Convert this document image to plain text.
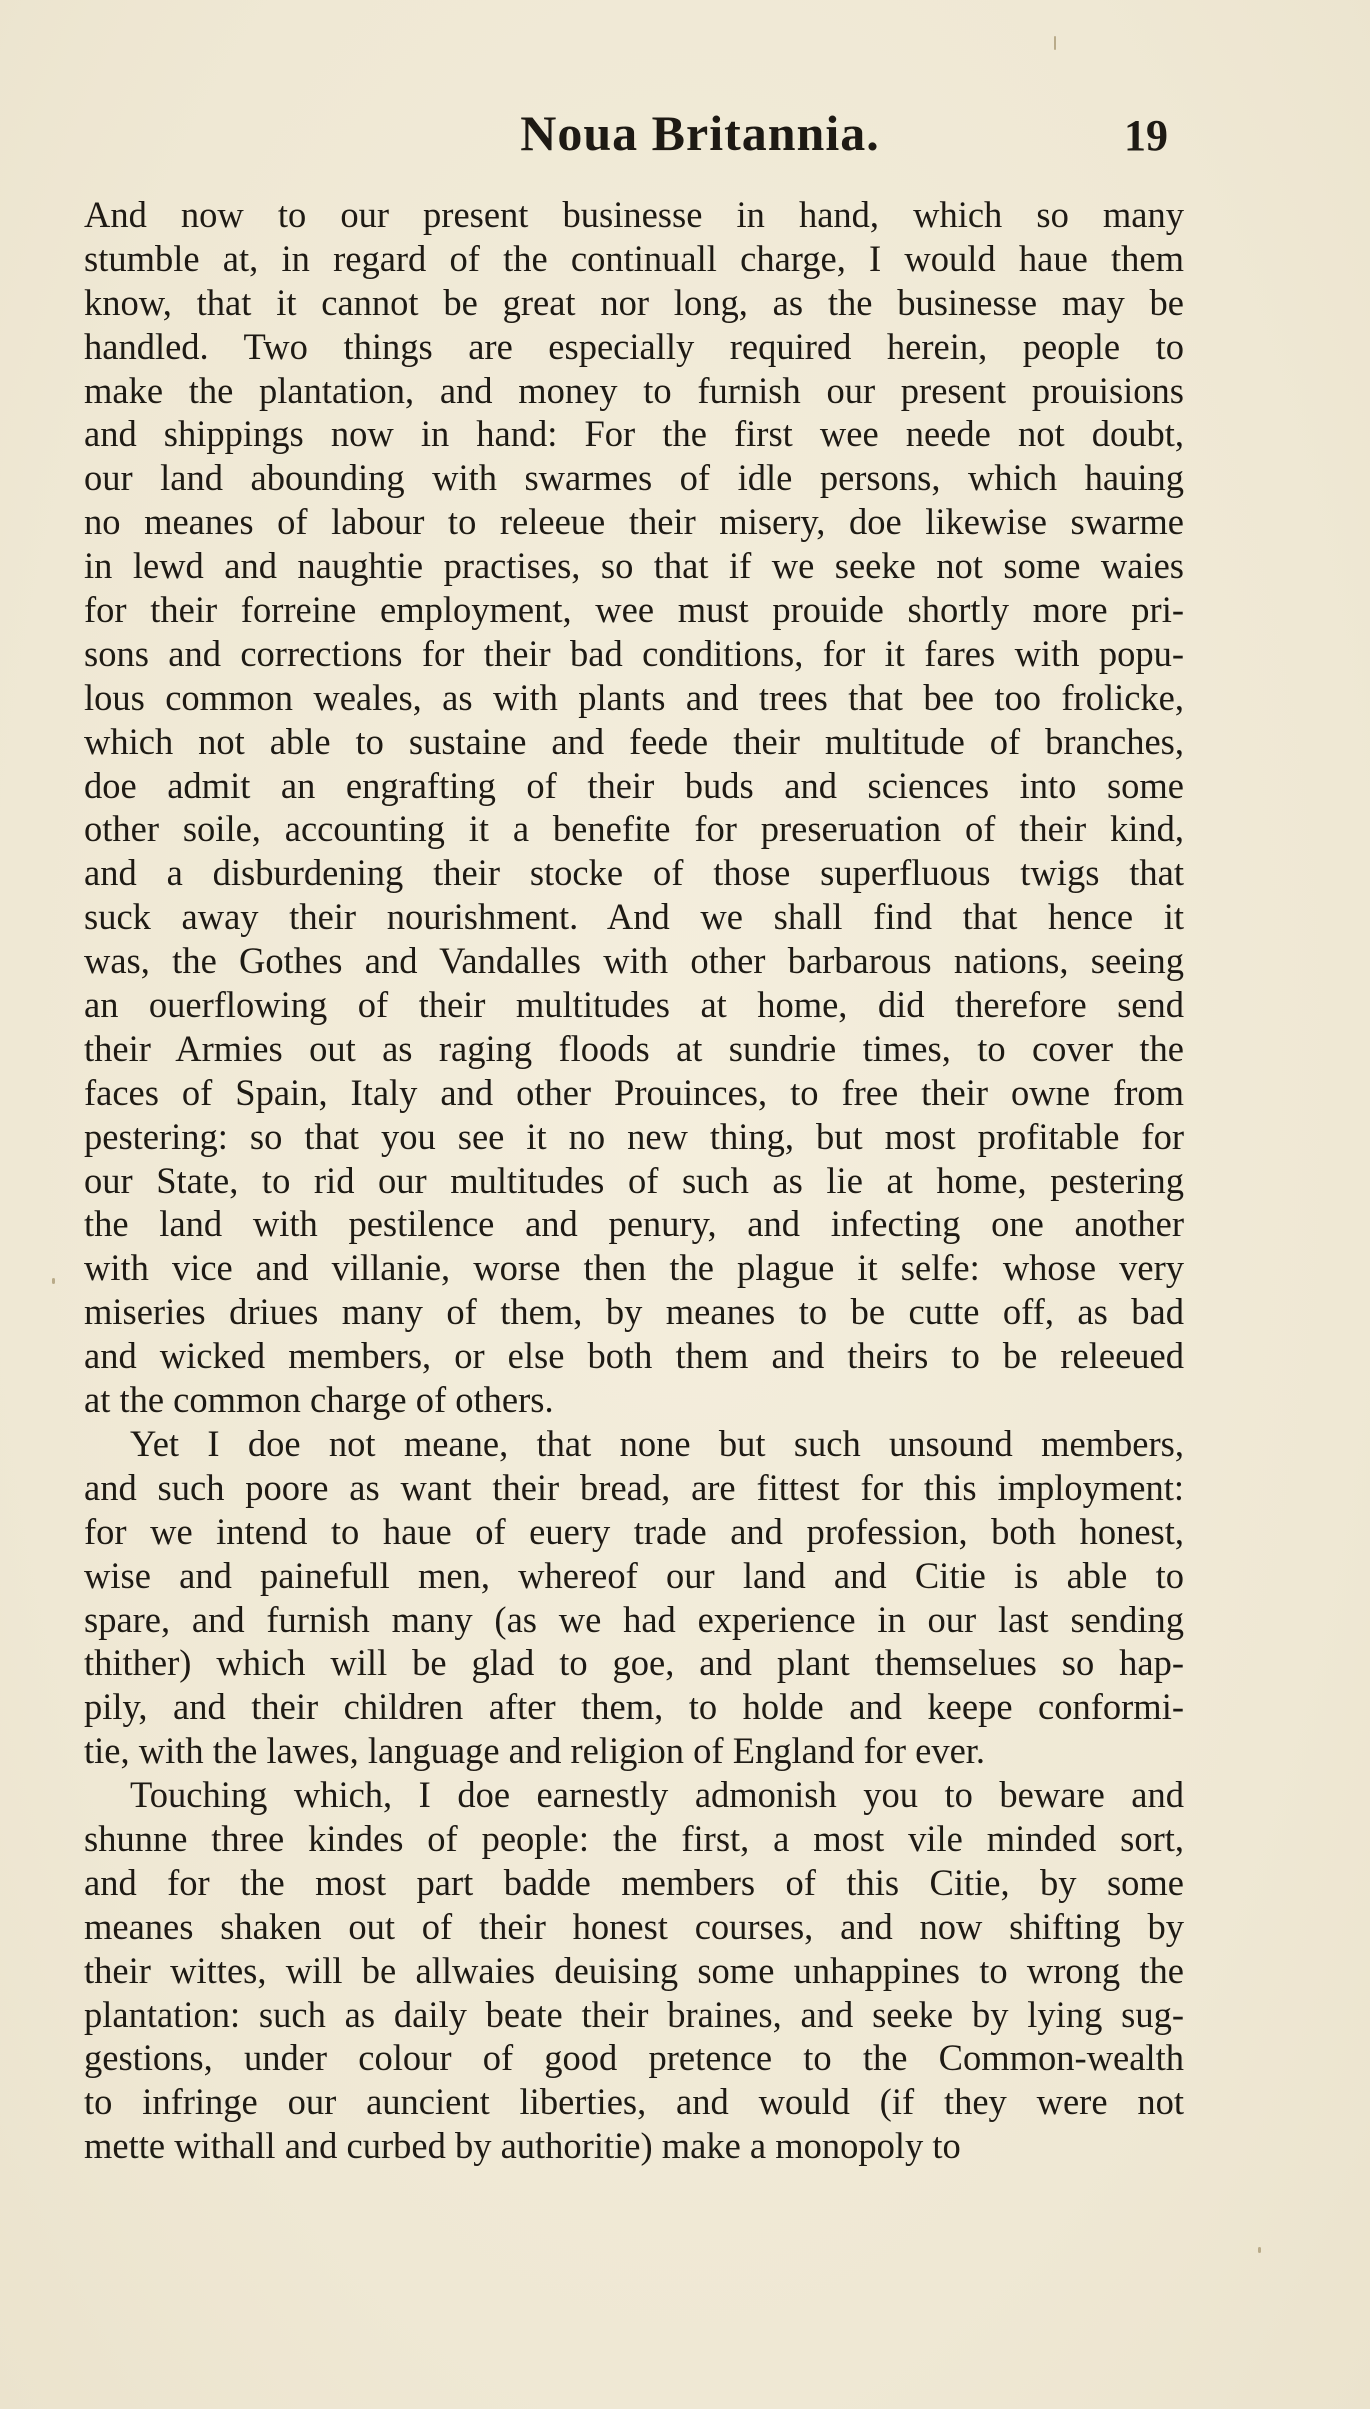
Noua Britannia.	19
And now to our present businesse in hand, which so many
stumble at, in regard of the continuall charge, I would haue them
know, that it cannot be great nor long, as the businesse may be
handled. Two things are especially required herein, people to
make the plantation, and money to furnish our present prouisions
and shippings now in hand: For the first wee neede not doubt,
our land abounding with swarmes of idle persons, which hauing
no meanes of labour to releeue their misery, doe likewise swarme
in lewd and naughtie practises, so that if we seeke not some waies
for their forreine employment, wee must prouide shortly more pri-
sons and corrections for their bad conditions, for it fares with popu-
lous common weales, as with plants and trees that bee too frolicke,
which not able to sustaine and feede their multitude of branches,
doe admit an engrafting of their buds and sciences into some
other soile, accounting it a benefite for preseruation of their kind,
and a disburdening their stocke of those superfluous twigs that
suck away their nourishment. And we shall find that hence it
was, the Gothes and Vandalles with other barbarous nations, seeing
an ouerflowing of their multitudes at home, did therefore send
their Armies out as raging floods at sundrie times, to cover the
faces of Spain, Italy and other Prouinces, to free their owne from
pestering: so that you see it no new thing, but most profitable for
our State, to rid our multitudes of such as lie at home, pestering
the land with pestilence and penury, and infecting one another
with vice and villanie, worse then the plague it selfe: whose very
miseries driues many of them, by meanes to be cutte off, as bad
and wicked members, or else both them and theirs to be releeued
at the common charge of others.
Yet I doe not meane, that none but such unsound members,
and such poore as want their bread, are fittest for this imployment:
for we intend to haue of euery trade and profession, both honest,
wise and painefull men, whereof our land and Citie is able to
spare, and furnish many (as we had experience in our last sending
thither) which will be glad to goe, and plant themselues so hap-
pily, and their children after them, to holde and keepe conformi-
tie, with the lawes, language and religion of England for ever.
Touching which, I doe earnestly admonish you to beware and
shunne three kindes of people: the first, a most vile minded sort,
and for the most part badde members of this Citie, by some
meanes shaken out of their honest courses, and now shifting by
their wittes, will be allwaies deuising some unhappines to wrong the
plantation: such as daily beate their braines, and seeke by lying sug-
gestions, under colour of good pretence to the Common-wealth
to infringe our auncient liberties, and would (if they were not
mette withall and curbed by authoritie) make a monopoly to
